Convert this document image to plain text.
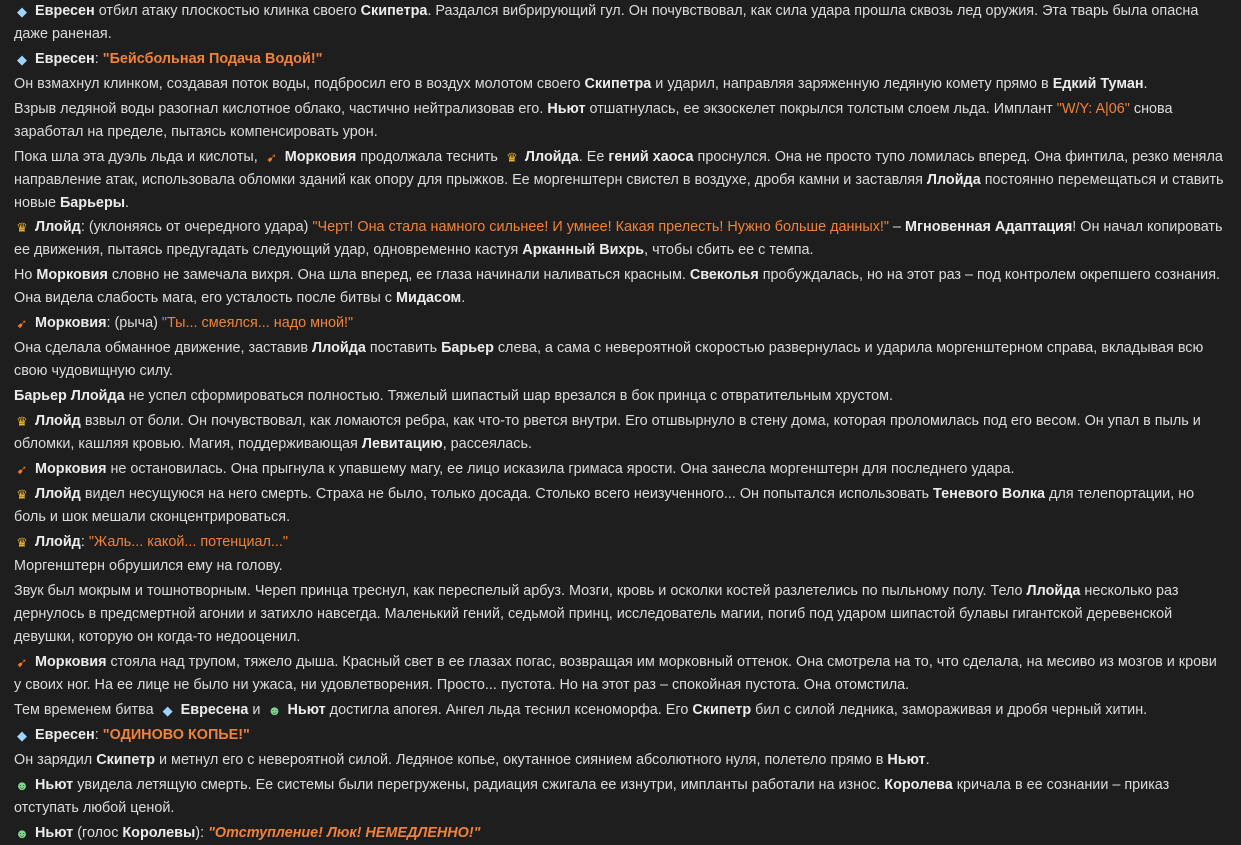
◆ Евресен отбил атаку плоскостью клинка своего Скипетра. Раздался вибрирующий гул. Он почувствовал, как сила удара прошла сквозь лед оружия. Эта тварь была опасна даже раненая.

◆ Евресен: "Бейсбольная Подача Водой!"

Он взмахнул клинком, создавая поток воды, подбросил его в воздух молотом своего Скипетра и ударил, направляя заряженную ледяную комету прямо в Едкий Туман.

Взрыв ледяной воды разогнал кислотное облако, частично нейтрализовав его. Ньют отшатнулась, ее экзоскелет покрылся толстым слоем льда. Имплант "W/Y: A|06" снова заработал на пределе, пытаясь компенсировать урон.

Пока шла эта дуэль льда и кислоты, ➹ Морковия продолжала теснить ♛ Ллойда. Ее гений хаоса проснулся. Она не просто тупо ломилась вперед. Она финтила, резко меняла направление атак, использовала обломки зданий как опору для прыжков. Ее моргенштерн свистел в воздухе, дробя камни и заставляя Ллойда постоянно перемещаться и ставить новые Барьеры.

♛ Ллойд: (уклоняясь от очередного удара) "Черт! Она стала намного сильнее! И умнее! Какая прелесть! Нужно больше данных!" – Мгновенная Адаптация! Он начал копировать ее движения, пытаясь предугадать следующий удар, одновременно кастуя Арканный Вихрь, чтобы сбить ее с темпа.

Но Морковия словно не замечала вихря. Она шла вперед, ее глаза начинали наливаться красным. Свеколья пробуждалась, но на этот раз – под контролем окрепшего сознания. Она видела слабость мага, его усталость после битвы с Мидасом.

➹ Морковия: (рыча) "Ты... смеялся... надо мной!"

Она сделала обманное движение, заставив Ллойда поставить Барьер слева, а сама с невероятной скоростью развернулась и ударила моргенштерном справа, вкладывая всю свою чудовищную силу.

Барьер Ллойда не успел сформироваться полностью. Тяжелый шипастый шар врезался в бок принца с отвратительным хрустом.

♛ Ллойд взвыл от боли. Он почувствовал, как ломаются ребра, как что-то рвется внутри. Его отшвырнуло в стену дома, которая проломилась под его весом. Он упал в пыль и обломки, кашляя кровью. Магия, поддерживающая Левитацию, рассеялась.

➹ Морковия не остановилась. Она прыгнула к упавшему магу, ее лицо исказила гримаса ярости. Она занесла моргенштерн для последнего удара.

♛ Ллойд видел несущуюся на него смерть. Страха не было, только досада. Столько всего неизученного... Он попытался использовать Теневого Волка для телепортации, но боль и шок мешали сконцентрироваться.

♛ Ллойд: "Жаль... какой... потенциал..."

Моргенштерн обрушился ему на голову.

Звук был мокрым и тошнотворным. Череп принца треснул, как переспелый арбуз. Мозги, кровь и осколки костей разлетелись по пыльному полу. Тело Ллойда несколько раз дернулось в предсмертной агонии и затихло навсегда. Маленький гений, седьмой принц, исследователь магии, погиб под ударом шипастой булавы гигантской деревенской девушки, которую он когда-то недооценил.

➹ Морковия стояла над трупом, тяжело дыша. Красный свет в ее глазах погас, возвращая им морковный оттенок. Она смотрела на то, что сделала, на месиво из мозгов и крови у своих ног. На ее лице не было ни ужаса, ни удовлетворения. Просто... пустота. Но на этот раз – спокойная пустота. Она отомстила.

Тем временем битва ◆ Евресена и ☻ Ньют достигла апогея. Ангел льда теснил ксеноморфа. Его Скипетр бил с силой ледника, замораживая и дробя черный хитин.

◆ Евресен: "ОДИНОВО КОПЬЕ!"

Он зарядил Скипетр и метнул его с невероятной силой. Ледяное копье, окутанное сиянием абсолютного нуля, полетело прямо в Ньют.

☻ Ньют увидела летящую смерть. Ее системы были перегружены, радиация сжигала ее изнутри, импланты работали на износ. Королева кричала в ее сознании – приказ отступать любой ценой.

☻ Ньют (голос Королевы): "Отступление! Люк! НЕМЕДЛЕННО!"
